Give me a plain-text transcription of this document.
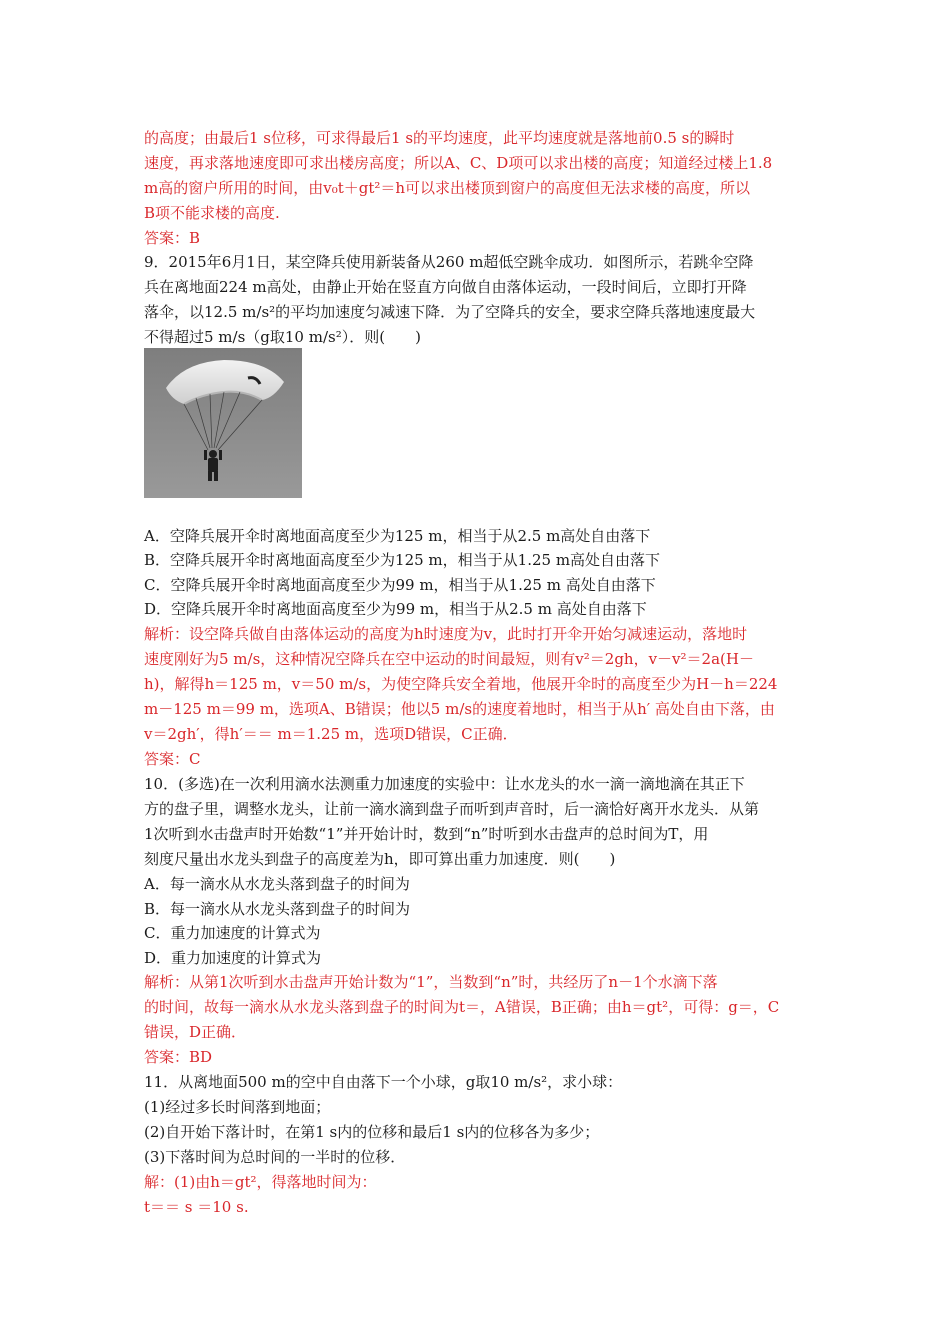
的高度；由最后1 s位移，可求得最后1 s的平均速度，此平均速度就是落地前0.5 s的瞬时
速度，再求落地速度即可求出楼房高度；所以A、C、D项可以求出楼的高度；知道经过楼上1.8
m高的窗户所用的时间，由v₀t＋gt²＝h可以求出楼顶到窗户的高度但无法求楼的高度，所以
B项不能求楼的高度.
答案：B
9．2015年6月1日，某空降兵使用新装备从260 m超低空跳伞成功．如图所示，若跳伞空降
兵在离地面224 m高处，由静止开始在竖直方向做自由落体运动，一段时间后，立即打开降
落伞，以12.5 m/s²的平均加速度匀减速下降．为了空降兵的安全，要求空降兵落地速度最大
不得超过5 m/s（g取10 m/s²）．则(　　)
A．空降兵展开伞时离地面高度至少为125 m，相当于从2.5 m高处自由落下
B．空降兵展开伞时离地面高度至少为125 m，相当于从1.25 m高处自由落下
C．空降兵展开伞时离地面高度至少为99 m，相当于从1.25 m 高处自由落下
D．空降兵展开伞时离地面高度至少为99 m，相当于从2.5 m 高处自由落下
解析：设空降兵做自由落体运动的高度为h时速度为v，此时打开伞开始匀减速运动，落地时
速度刚好为5 m/s，这种情况空降兵在空中运动的时间最短，则有v²＝2gh，v－v²＝2a(H－
h)，解得h＝125 m，v＝50 m/s，为使空降兵安全着地，他展开伞时的高度至少为H－h＝224
m－125 m＝99 m，选项A、B错误；他以5 m/s的速度着地时，相当于从h′ 高处自由下落，由
v＝2gh′，得h′＝＝ m＝1.25 m，选项D错误，C正确．
答案：C
10．(多选)在一次利用滴水法测重力加速度的实验中：让水龙头的水一滴一滴地滴在其正下
方的盘子里，调整水龙头，让前一滴水滴到盘子而听到声音时，后一滴恰好离开水龙头．从第
1次听到水击盘声时开始数“1”并开始计时，数到“n”时听到水击盘声的总时间为T，用
刻度尺量出水龙头到盘子的高度差为h，即可算出重力加速度．则(　　)
A．每一滴水从水龙头落到盘子的时间为
B．每一滴水从水龙头落到盘子的时间为
C．重力加速度的计算式为
D．重力加速度的计算式为
解析：从第1次听到水击盘声开始计数为“1”，当数到“n”时，共经历了n－1个水滴下落
的时间，故每一滴水从水龙头落到盘子的时间为t＝，A错误，B正确；由h＝gt²，可得：g＝，C
错误，D正确．
答案：BD
11．从离地面500 m的空中自由落下一个小球，g取10 m/s²，求小球：
(1)经过多长时间落到地面；
(2)自开始下落计时，在第1 s内的位移和最后1 s内的位移各为多少；
(3)下落时间为总时间的一半时的位移．
解：(1)由h＝gt²，得落地时间为：
t＝＝ s ＝10 s.
